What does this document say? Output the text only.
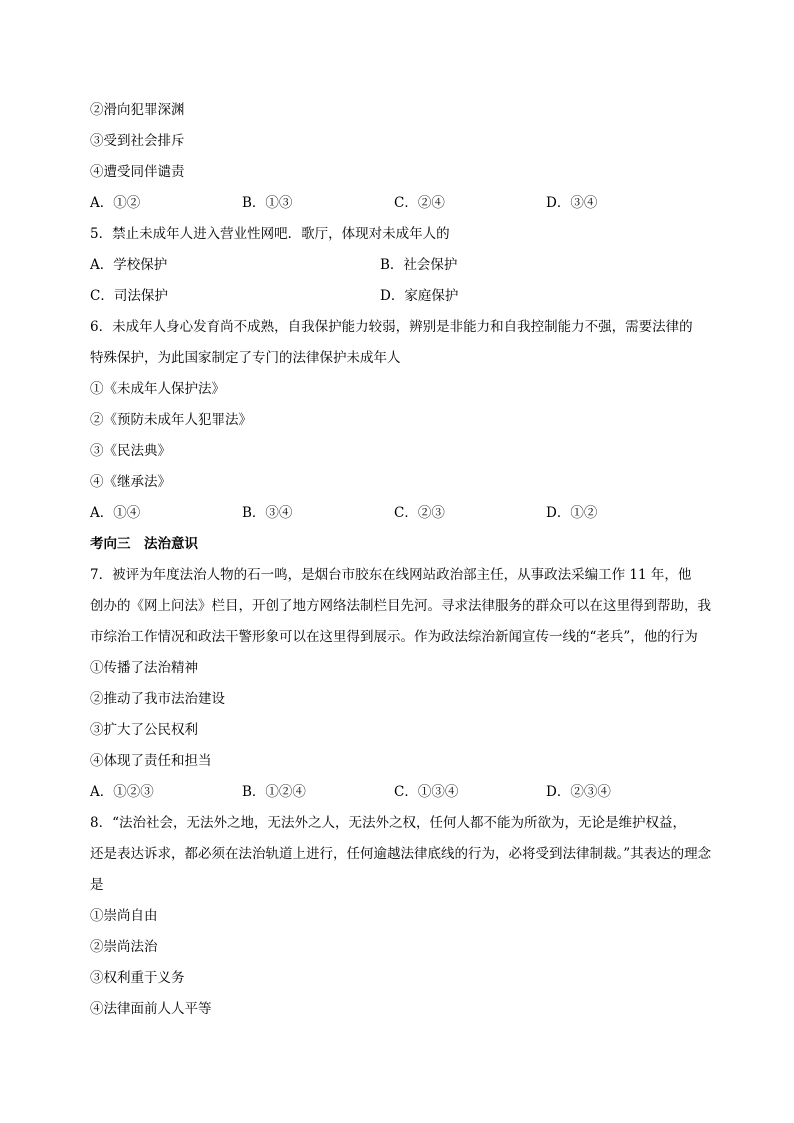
②滑向犯罪深渊
③受到社会排斥
④遭受同伴谴责
A．①②	B．①③	C．②④	D．③④
5．禁止未成年人进入营业性网吧．歌厅，体现对未成年人的
A．学校保护	B．社会保护
C．司法保护	D．家庭保护
6．未成年人身心发育尚不成熟，自我保护能力较弱，辨别是非能力和自我控制能力不强，需要法律的
特殊保护，为此国家制定了专门的法律保护未成年人
①《未成年人保护法》
②《预防未成年人犯罪法》
③《民法典》
④《继承法》
A．①④	B．③④	C．②③	D．①②
考向三　法治意识
7．被评为年度法治人物的石一鸣，是烟台市胶东在线网站政治部主任，从事政法采编工作 11 年，他
创办的《网上问法》栏目，开创了地方网络法制栏目先河。寻求法律服务的群众可以在这里得到帮助，我
市综治工作情况和政法干警形象可以在这里得到展示。作为政法综治新闻宣传一线的“老兵”，他的行为
①传播了法治精神
②推动了我市法治建设
③扩大了公民权利
④体现了责任和担当
A．①②③	B．①②④	C．①③④	D．②③④
8．“法治社会，无法外之地，无法外之人，无法外之权，任何人都不能为所欲为，无论是维护权益，
还是表达诉求，都必须在法治轨道上进行，任何逾越法律底线的行为，必将受到法律制裁。”其表达的理念
是
①崇尚自由
②崇尚法治
③权利重于义务
④法律面前人人平等
